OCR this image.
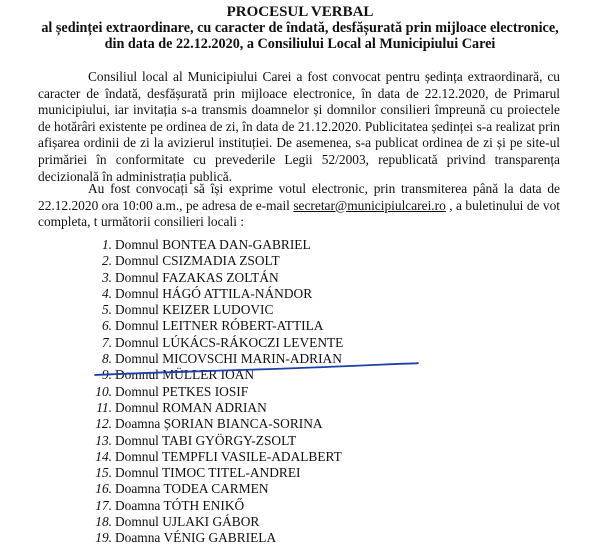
PROCESUL VERBAL

al ședinței extraordinare, cu caracter de îndată, desfășurată prin mijloace electronice,

din data de 22.12.2020, a Consiliului Local al Municipiului Carei

Consiliul local al Municipiului Carei a fost convocat pentru ședința extraordinară, cu caracter de îndată, desfășurată prin mijloace electronice, în data de 22.12.2020, de Primarul municipiului, iar invitația s-a transmis doamnelor și domnilor consilieri împreună cu proiectele de hotărâri existente pe ordinea de zi, în data de 21.12.2020. Publicitatea ședinței s-a realizat prin afișarea ordinii de zi la avizierul instituției. De asemenea, s-a publicat ordinea de zi și pe site-ul primăriei în conformitate cu prevederile Legii 52/2003, republicată privind transparența decizională în administrația publică.

Au fost convocați să își exprime votul electronic, prin transmiterea până la data de 22.12.2020 ora 10:00 a.m., pe adresa de e-mail secretar@municipiulcarei.ro , a buletinului de vot completa, t următorii consilieri locali :

1. Domnul BONTEA DAN-GABRIEL
2. Domnul CSIZMADIA ZSOLT
3. Domnul FAZAKAS ZOLTÁN
4. Domnul HÁGÓ ATTILA-NÁNDOR
5. Domnul KEIZER LUDOVIC
6. Domnul LEITNER RÓBERT-ATTILA
7. Domnul LÚKÁCS-RÁKOCZI LEVENTE
8. Domnul MICOVSCHI MARIN-ADRIAN
9. Domnul MÜLLER IOAN
10. Domnul PETKES IOSIF
11. Domnul ROMAN ADRIAN
12. Doamna ȘORIAN BIANCA-SORINA
13. Domnul TABI GYÖRGY-ZSOLT
14. Domnul TEMPFLI VASILE-ADALBERT
15. Domnul TIMOC TITEL-ANDREI
16. Doamna TODEA CARMEN
17. Doamna TÓTH ENIKŐ
18. Domnul UJLAKI GÁBOR
19. Doamna VÉNIG GABRIELA
